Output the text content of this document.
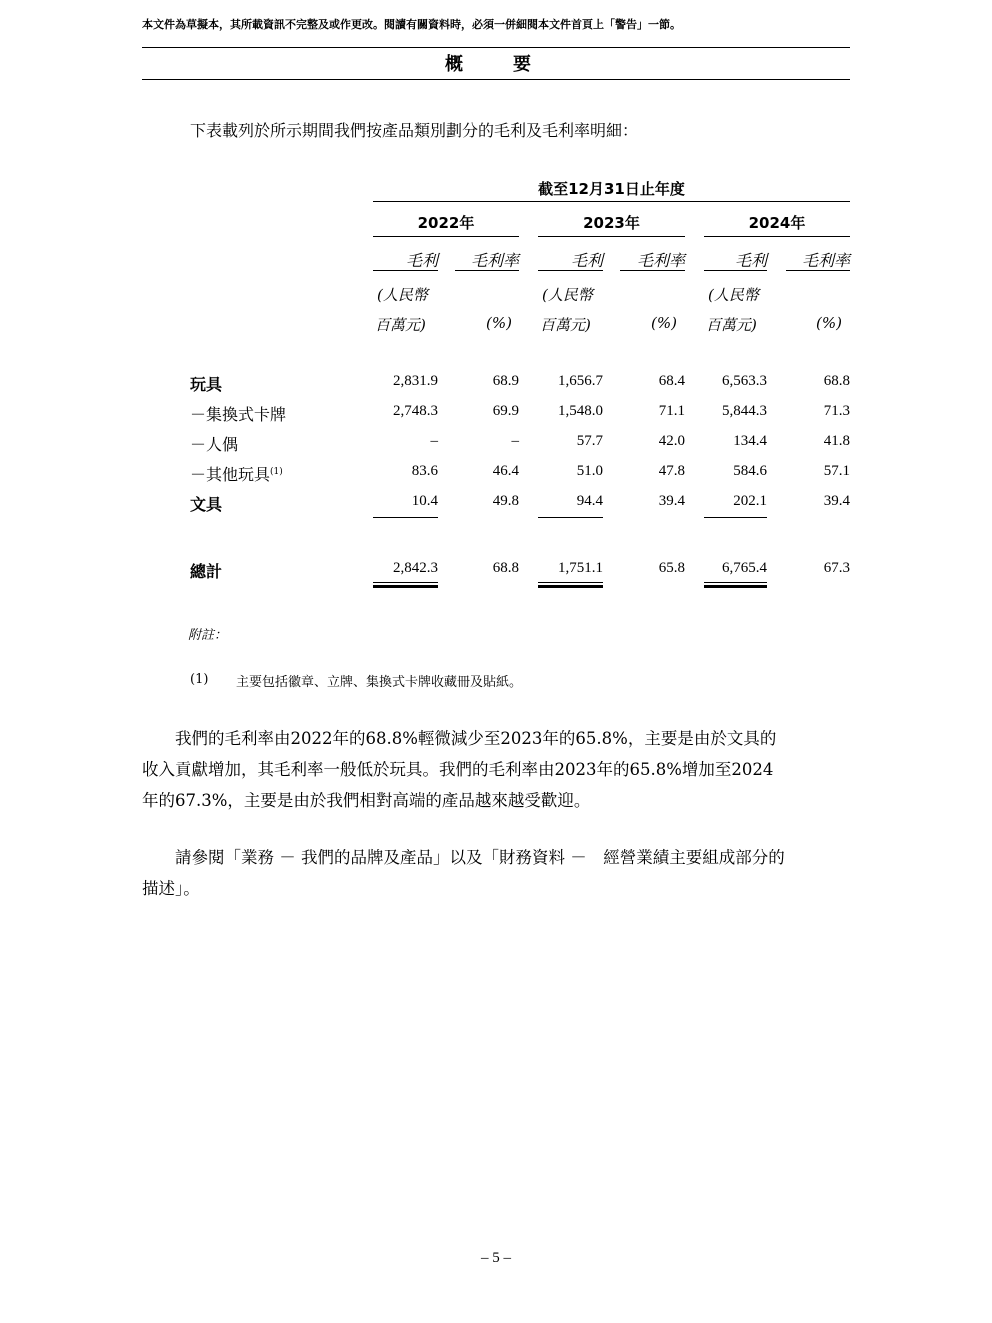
本文件為草擬本，其所載資訊不完整及或作更改。閱讀有關資料時，必須一併細閱本文件首頁上「警告」一節。
概　要
下表載列於所示期間我們按產品類別劃分的毛利及毛利率明細：
截至12月31日止年度
2022年	2023年	2024年
毛利	毛利率	毛利	毛利率	毛利	毛利率
(人民幣
百萬元)	(%)
(人民幣
百萬元)	(%)
(人民幣
百萬元)	(%)
玩具	2,831.9	68.9	1,656.7	68.4	6,563.3	68.8
－集換式卡牌	2,748.3	69.9	1,548.0	71.1	5,844.3	71.3
－人偶	–	–	57.7	42.0	134.4	41.8
－其他玩具$^{(1)}$	83.6	46.4	51.0	47.8	584.6	57.1
文具	10.4	49.8	94.4	39.4	202.1	39.4
總計	2,842.3	68.8	1,751.1	65.8	6,765.4	67.3
附註：
(1) 主要包括徽章、立牌、集換式卡牌收藏冊及貼紙。
　　我們的毛利率由2022年的68.8%輕微減少至2023年的65.8%，主要是由於文具的
收入貢獻增加，其毛利率一般低於玩具。我們的毛利率由2023年的65.8%增加至2024
年的67.3%，主要是由於我們相對高端的產品越來越受歡迎。
　　請參閱「業務 － 我們的品牌及產品」以及「財務資料 －　經營業績主要組成部分的
描述」。
– 5 –
